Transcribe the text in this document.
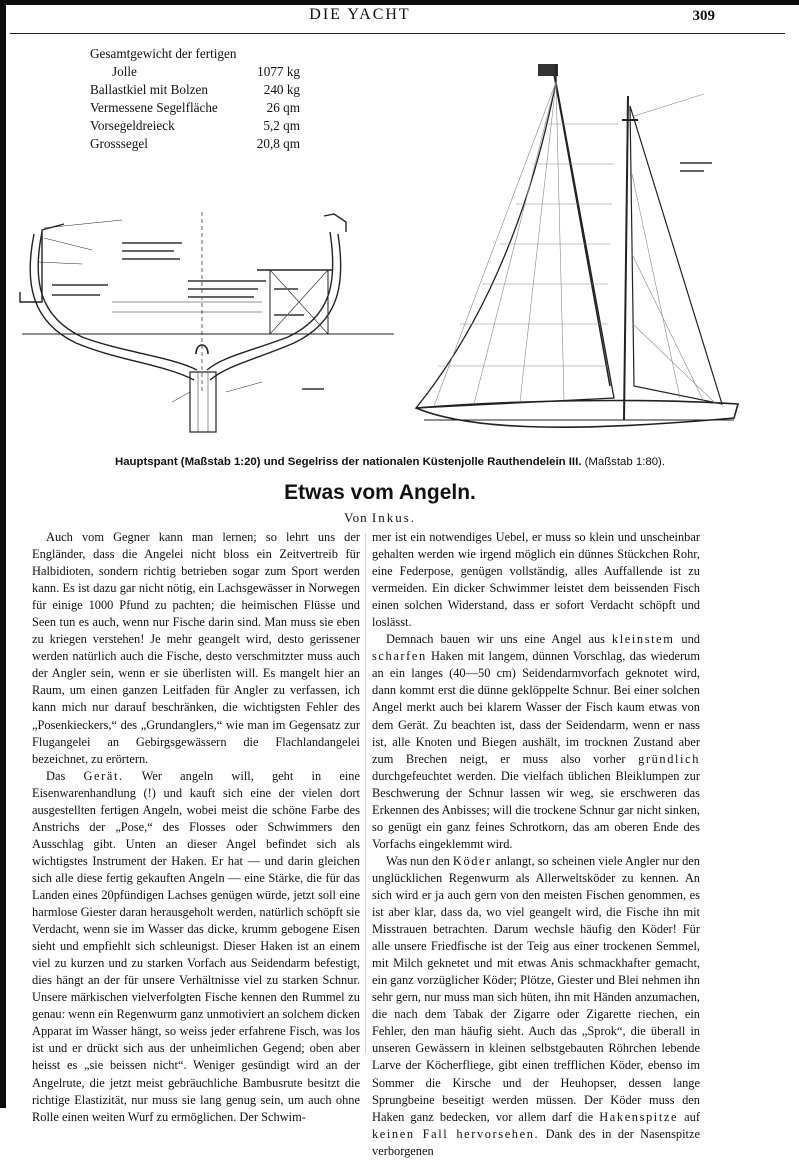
DIE YACHT	309
Gesamtgewicht der fertigen
Jolle	1077 kg
Ballastkiel mit Bolzen	240 kg
Vermessene Segelfläche	26 qm
Vorsegeldreieck	5,2 qm
Grosssegel	20,8 qm
Hauptspant (Maßstab 1:20) und Segelriss der nationalen Küstenjolle Rauthendelein III. (Maßstab 1:80).
Etwas vom Angeln.
Von Inkus.

Auch vom Gegner kann man lernen; so lehrt uns der Engländer, dass die Angelei nicht bloss ein Zeitvertreib für Halbidioten, sondern richtig betrieben sogar zum Sport werden kann. Es ist dazu gar nicht nötig, ein Lachsgewässer in Norwegen für einige 1000 Pfund zu pachten; die heimischen Flüsse und Seen tun es auch, wenn nur Fische darin sind. Man muss sie eben zu kriegen verstehen! Je mehr geangelt wird, desto gerissener werden natürlich auch die Fische, desto verschmitzter muss auch der Angler sein, wenn er sie überlisten will. Es mangelt hier an Raum, um einen ganzen Leitfaden für Angler zu verfassen, ich kann mich nur darauf beschränken, die wichtigsten Fehler des „Posenkieckers,“ des „Grundanglers,“ wie man im Gegensatz zur Flugangelei an Gebirgsgewässern die Flachlandangelei bezeichnet, zu erörtern.

Das Gerät. Wer angeln will, geht in eine Eisenwarenhandlung (!) und kauft sich eine der vielen dort ausgestellten fertigen Angeln, wobei meist die schöne Farbe des Anstrichs der „Pose,“ des Flosses oder Schwimmers den Ausschlag gibt. Unten an dieser Angel befindet sich als wichtigstes Instrument der Haken. Er hat — und darin gleichen sich alle diese fertig gekauften Angeln — eine Stärke, die für das Landen eines 20pfündigen Lachses genügen würde, jetzt soll eine harmlose Giester daran herausgeholt werden, natürlich schöpft sie Verdacht, wenn sie im Wasser das dicke, krumm gebogene Eisen sieht und empfiehlt sich schleunigst. Dieser Haken ist an einem viel zu kurzen und zu starken Vorfach aus Seidendarm befestigt, dies hängt an der für unsere Verhältnisse viel zu starken Schnur. Unsere märkischen vielverfolgten Fische kennen den Rummel zu genau: wenn ein Regenwurm ganz unmotiviert an solchem dicken Apparat im Wasser hängt, so weiss jeder erfahrene Fisch, was los ist und er drückt sich aus der unheimlichen Gegend; oben aber heisst es „sie beissen nicht“. Weniger gesündigt wird an der Angelrute, die jetzt meist gebräuchliche Bambusrute besitzt die richtige Elastizität, nur muss sie lang genug sein, um auch ohne Rolle einen weiten Wurf zu ermöglichen. Der Schwim-

mer ist ein notwendiges Uebel, er muss so klein und unscheinbar gehalten werden wie irgend möglich ein dünnes Stückchen Rohr, eine Federpose, genügen vollständig, alles Auffallende ist zu vermeiden. Ein dicker Schwimmer leistet dem beissenden Fisch einen solchen Widerstand, dass er sofort Verdacht schöpft und loslässt.

Demnach bauen wir uns eine Angel aus kleinstem und scharfen Haken mit langem, dünnen Vorschlag, das wiederum an ein langes (40—50 cm) Seidendarmvorfach geknotet wird, dann kommt erst die dünne geklöppelte Schnur. Bei einer solchen Angel merkt auch bei klarem Wasser der Fisch kaum etwas von dem Gerät. Zu beachten ist, dass der Seidendarm, wenn er nass ist, alle Knoten und Biegen aushält, im trocknen Zustand aber zum Brechen neigt, er muss also vorher gründlich durchgefeuchtet werden. Die vielfach üblichen Bleiklumpen zur Beschwerung der Schnur lassen wir weg, sie erschweren das Erkennen des Anbisses; will die trockene Schnur gar nicht sinken, so genügt ein ganz feines Schrotkorn, das am oberen Ende des Vorfachs eingeklemmt wird.

Was nun den Köder anlangt, so scheinen viele Angler nur den unglücklichen Regenwurm als Allerweltsköder zu kennen. An sich wird er ja auch gern von den meisten Fischen genommen, es ist aber klar, dass da, wo viel geangelt wird, die Fische ihn mit Misstrauen betrachten. Darum wechsle häufig den Köder! Für alle unsere Friedfische ist der Teig aus einer trockenen Semmel, mit Milch geknetet und mit etwas Anis schmackhafter gemacht, ein ganz vorzüglicher Köder; Plötze, Giester und Blei nehmen ihn sehr gern, nur muss man sich hüten, ihn mit Händen anzumachen, die nach dem Tabak der Zigarre oder Zigarette riechen, ein Fehler, den man häufig sieht. Auch das „Sprok“, die überall in unseren Gewässern in kleinen selbstgebauten Röhrchen lebende Larve der Köcherfliege, gibt einen trefflichen Köder, ebenso im Sommer die Kirsche und der Heuhopser, dessen lange Sprungbeine beseitigt werden müssen. Der Köder muss den Haken ganz bedecken, vor allem darf die Hakenspitze auf keinen Fall hervorsehen. Dank des in der Nasenspitze verborgenen
